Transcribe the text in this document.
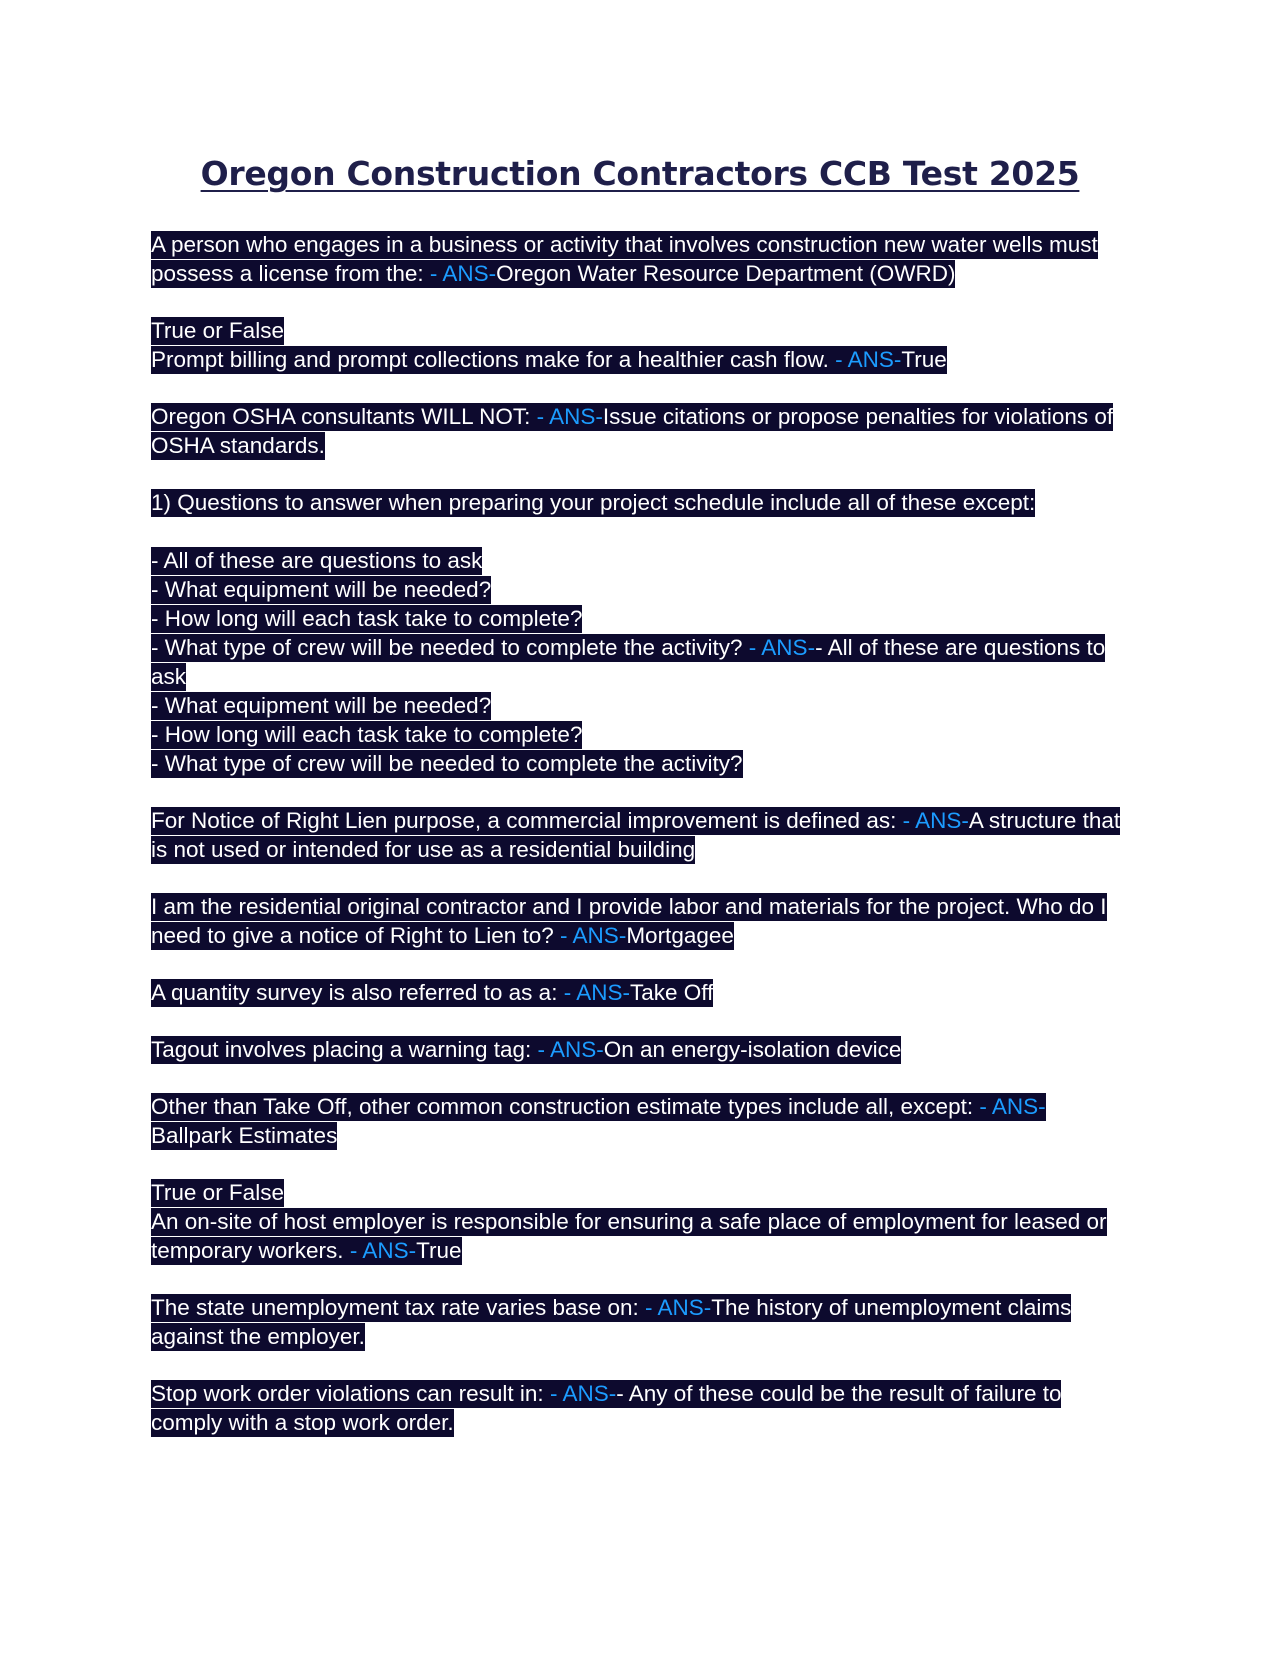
Oregon Construction Contractors CCB Test 2025

A person who engages in a business or activity that involves construction new water wells must possess a license from the: - ANS-Oregon Water Resource Department (OWRD)

True or False

Prompt billing and prompt collections make for a healthier cash flow. - ANS-True

Oregon OSHA consultants WILL NOT: - ANS-Issue citations or propose penalties for violations of OSHA standards.

1) Questions to answer when preparing your project schedule include all of these except:

- All of these are questions to ask

- What equipment will be needed?

- How long will each task take to complete?

- What type of crew will be needed to complete the activity? - ANS-- All of these are questions to ask

- What equipment will be needed?

- How long will each task take to complete?

- What type of crew will be needed to complete the activity?

For Notice of Right Lien purpose, a commercial improvement is defined as: - ANS-A structure that is not used or intended for use as a residential building

I am the residential original contractor and I provide labor and materials for the project. Who do I need to give a notice of Right to Lien to? - ANS-Mortgagee

A quantity survey is also referred to as a: - ANS-Take Off

Tagout involves placing a warning tag: - ANS-On an energy-isolation device

Other than Take Off, other common construction estimate types include all, except: - ANS-Ballpark Estimates

True or False

An on-site of host employer is responsible for ensuring a safe place of employment for leased or temporary workers. - ANS-True

The state unemployment tax rate varies base on: - ANS-The history of unemployment claims against the employer.

Stop work order violations can result in: - ANS-- Any of these could be the result of failure to comply with a stop work order.
